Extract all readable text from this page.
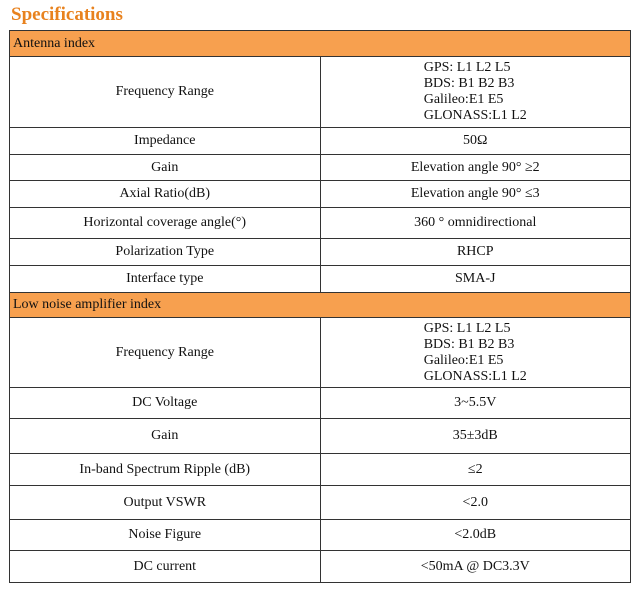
Specifications
Antenna index	
Frequency Range	GPS: L1 L2 L5
BDS: B1 B2 B3
Galileo:E1 E5
GLONASS:L1 L2

Impedance	50Ω
Gain	Elevation angle 90° ≥2
Axial Ratio(dB)	Elevation angle 90° ≤3
Horizontal coverage angle(°)	360 ° omnidirectional
Polarization Type	RHCP
Interface type	SMA-J
Low noise amplifier index	
Frequency Range	GPS: L1 L2 L5
BDS: B1 B2 B3
Galileo:E1 E5
GLONASS:L1 L2

DC Voltage	3~5.5V
Gain	35±3dB
In-band Spectrum Ripple (dB)	≤2
Output VSWR	<2.0
Noise Figure	<2.0dB
DC current	<50mA @ DC3.3V
